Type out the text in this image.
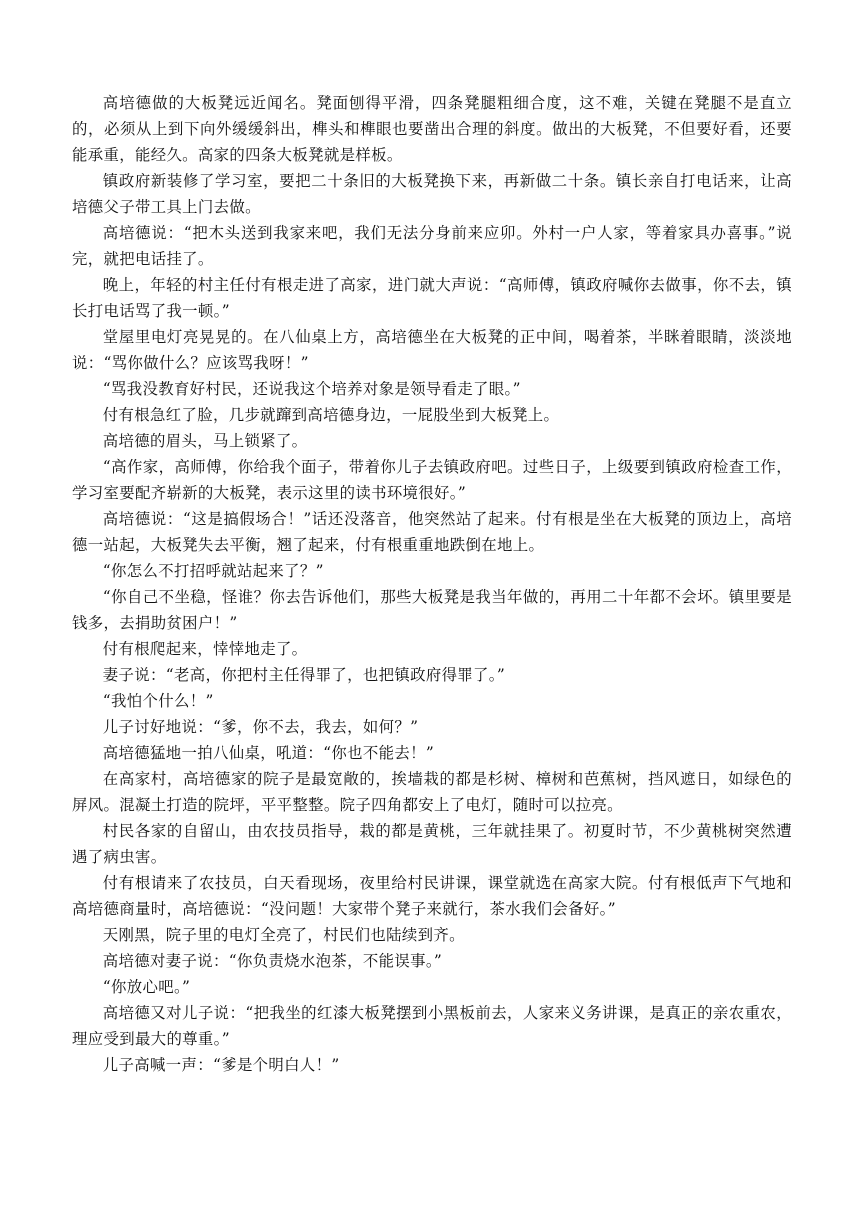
高培德做的大板凳远近闻名。凳面刨得平滑，四条凳腿粗细合度，这不难，关键在凳腿不是直立的，必须从上到下向外缓缓斜出，榫头和榫眼也要凿出合理的斜度。做出的大板凳，不但要好看，还要能承重，能经久。高家的四条大板凳就是样板。

镇政府新装修了学习室，要把二十条旧的大板凳换下来，再新做二十条。镇长亲自打电话来，让高培德父子带工具上门去做。

高培德说：“把木头送到我家来吧，我们无法分身前来应卯。外村一户人家，等着家具办喜事。”说完，就把电话挂了。

晚上，年轻的村主任付有根走进了高家，进门就大声说：“高师傅，镇政府喊你去做事，你不去，镇长打电话骂了我一顿。”

堂屋里电灯亮晃晃的。在八仙桌上方，高培德坐在大板凳的正中间，喝着茶，半眯着眼睛，淡淡地说：“骂你做什么？应该骂我呀！”

“骂我没教育好村民，还说我这个培养对象是领导看走了眼。”

付有根急红了脸，几步就蹿到高培德身边，一屁股坐到大板凳上。

高培德的眉头，马上锁紧了。

“高作家，高师傅，你给我个面子，带着你儿子去镇政府吧。过些日子，上级要到镇政府检查工作，学习室要配齐崭新的大板凳，表示这里的读书环境很好。”

高培德说：“这是搞假场合！”话还没落音，他突然站了起来。付有根是坐在大板凳的顶边上，高培德一站起，大板凳失去平衡，翘了起来，付有根重重地跌倒在地上。

“你怎么不打招呼就站起来了？”

“你自己不坐稳，怪谁？你去告诉他们，那些大板凳是我当年做的，再用二十年都不会坏。镇里要是钱多，去捐助贫困户！”

付有根爬起来，悻悻地走了。

妻子说：“老高，你把村主任得罪了，也把镇政府得罪了。”

“我怕个什么！”

儿子讨好地说：“爹，你不去，我去，如何？”

高培德猛地一拍八仙桌，吼道：“你也不能去！”

在高家村，高培德家的院子是最宽敞的，挨墙栽的都是杉树、樟树和芭蕉树，挡风遮日，如绿色的屏风。混凝土打造的院坪，平平整整。院子四角都安上了电灯，随时可以拉亮。

村民各家的自留山，由农技员指导，栽的都是黄桃，三年就挂果了。初夏时节，不少黄桃树突然遭遇了病虫害。

付有根请来了农技员，白天看现场，夜里给村民讲课，课堂就选在高家大院。付有根低声下气地和高培德商量时，高培德说：“没问题！大家带个凳子来就行，茶水我们会备好。”

天刚黑，院子里的电灯全亮了，村民们也陆续到齐。

高培德对妻子说：“你负责烧水泡茶，不能误事。”

“你放心吧。”

高培德又对儿子说：“把我坐的红漆大板凳摆到小黑板前去，人家来义务讲课，是真正的亲农重农，理应受到最大的尊重。”

儿子高喊一声：“爹是个明白人！”
